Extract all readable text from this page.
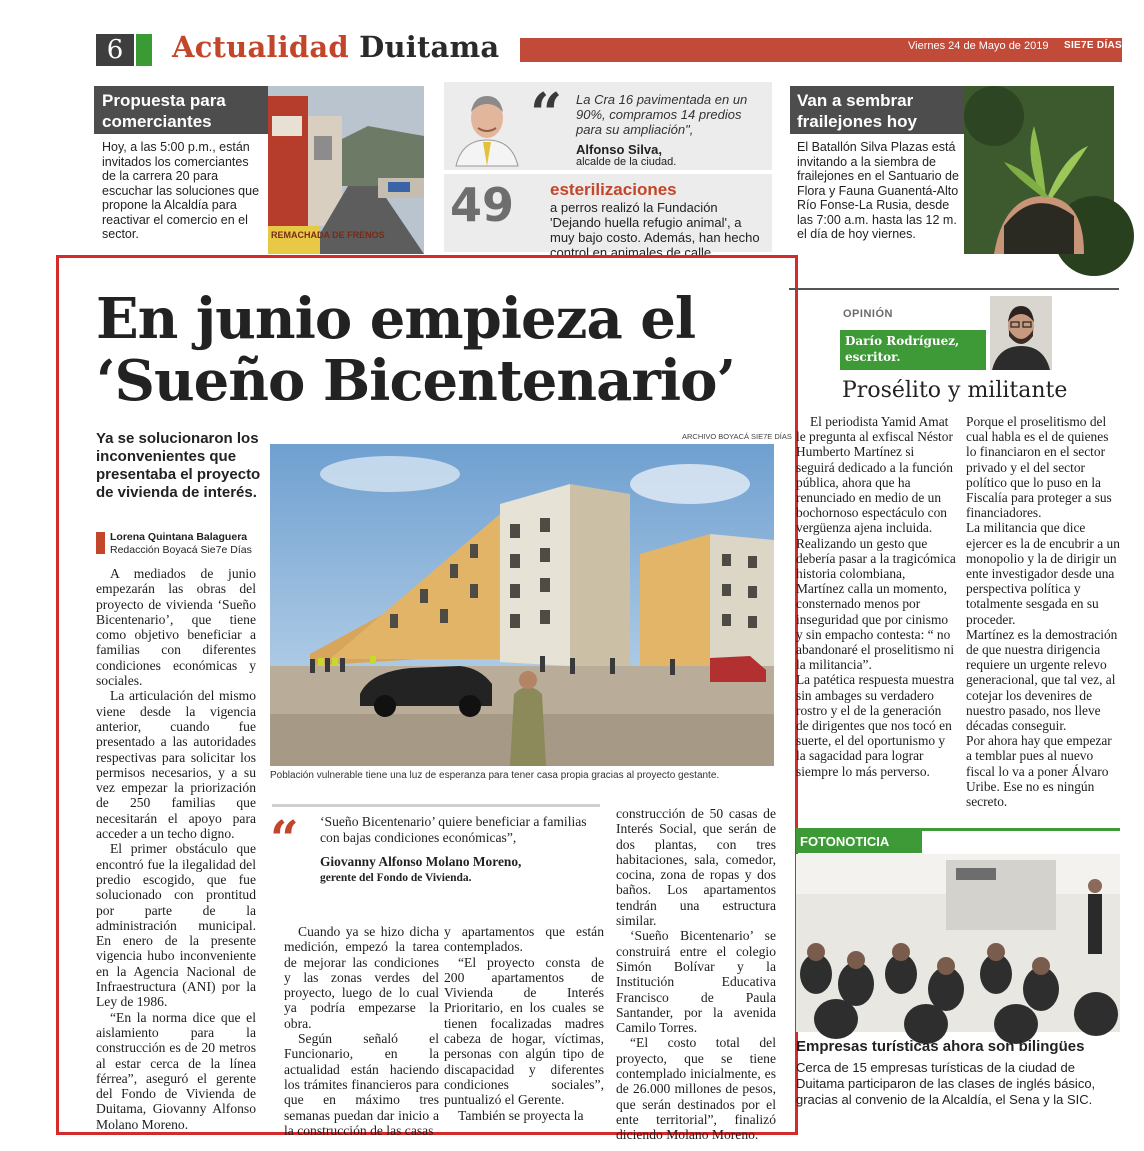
6	Actualidad Duitama	Viernes 24 de Mayo de 2019 SIE7E DÍAS
Propuesta para comerciantes
Hoy, a las 5:00 p.m., están invitados los comerciantes de la carrera 20 para escuchar las soluciones que propone la Alcaldía para reactivar el comercio en el sector.	REMACHADA DE FRENOS
“ La Cra 16 pavimentada en un 90%, compramos 14 predios para su ampliación",
Alfonso Silva,
alcalde de la ciudad.
49 esterilizaciones
a perros realizó la Fundación 'Dejando huella refugio animal', a muy bajo costo. Además, han hecho control en animales de calle.
Van a sembrar frailejones hoy
El Batallón Silva Plazas está invitando a la siembra de frailejones en el Santuario de Flora y Fauna Guanentá-Alto Río Fonse-La Rusia, desde las 7:00 a.m. hasta las 12 m. el día de hoy viernes.
En junio empieza el
‘Sueño Bicentenario’
Ya se solucionaron los inconvenientes que presentaba el proyecto de vivienda de interés.
Lorena Quintana Balaguera
Redacción Boyacá Sie7e Días
ARCHIVO BOYACÁ SIE7E DÍAS
Población vulnerable tiene una luz de esperanza para tener casa propia gracias al proyecto gestante.

A mediados de junio empezarán las obras del proyecto de vivienda ‘Sueño Bicentenario’, que tiene como objetivo beneficiar a familias con diferentes condiciones económicas y sociales.

La articulación del mismo viene desde la vigencia anterior, cuando fue presentado a las autoridades respectivas para solicitar los permisos necesarios, y a su vez empezar la priorización de 250 familias que necesitarán el apoyo para acceder a un techo digno.

El primer obstáculo que encontró fue la ilegalidad del predio escogido, que fue solucionado con prontitud por parte de la administración municipal. En enero de la presente vigencia hubo inconveniente en la Agencia Nacional de Infraestructura (ANI) por la Ley de 1986.

“En la norma dice que el aislamiento para la construcción es de 20 metros al estar cerca de la línea férrea”, aseguró el gerente del Fondo de Vivienda de Duitama, Giovanny Alfonso Molano Moreno.

“ ‘Sueño Bicentenario’ quiere beneficiar a familias con bajas condiciones económicas”,
Giovanny Alfonso Molano Moreno,
gerente del Fondo de Vivienda.

Cuando ya se hizo dicha medición, empezó la tarea de mejorar las condiciones y las zonas verdes del proyecto, luego de lo cual ya podría empezarse la obra.

Según señaló el Funcionario, en la actualidad están haciendo los trámites financieros para que en máximo tres semanas puedan dar inicio a la construcción de las casas

y apartamentos que están contemplados.

“El proyecto consta de 200 apartamentos de Vivienda de Interés Prioritario, en los cuales se tienen focalizadas madres cabeza de hogar, víctimas, personas con algún tipo de discapacidad y diferentes condiciones sociales”, puntualizó el Gerente.

También se proyecta la

construcción de 50 casas de Interés Social, que serán de dos plantas, con tres habitaciones, sala, comedor, cocina, zona de ropas y dos baños. Los apartamentos tendrán una estructura similar.

‘Sueño Bicentenario’ se construirá entre el colegio Simón Bolívar y la Institución Educativa Francisco de Paula Santander, por la avenida Camilo Torres.

“El costo total del proyecto, que se tiene contemplado inicialmente, es de 26.000 millones de pesos, que serán destinados por el ente territorial”, finalizó diciendo Molano Moreno.

OPINIÓN
Darío Rodríguez, escritor.
Prosélito y militante

El periodista Yamid Amat le pregunta al exfiscal Néstor Humberto Martínez si seguirá dedicado a la función pública, ahora que ha renunciado en medio de un bochornoso espectáculo con vergüenza ajena incluida.

Realizando un gesto que debería pasar a la tragicómica historia colombiana, Martínez calla un momento, consternado menos por inseguridad que por cinismo y sin empacho contesta: “ no abandonaré el proselitismo ni la militancia”.

La patética respuesta muestra sin ambages su verdadero rostro y el de la generación de dirigentes que nos tocó en suerte, el del oportunismo y la sagacidad para lograr siempre lo más perverso.

Porque el proselitismo del cual habla es el de quienes lo financiaron en el sector privado y el del sector político que lo puso en la Fiscalía para proteger a sus financiadores.

La militancia que dice ejercer es la de encubrir a un monopolio y la de dirigir un ente investigador desde una perspectiva política y totalmente sesgada en su proceder.

Martínez es la demostración de que nuestra dirigencia requiere un urgente relevo generacional, que tal vez, al cotejar los devenires de nuestro pasado, nos lleve décadas conseguir.

Por ahora hay que empezar a temblar pues al nuevo fiscal lo va a poner Álvaro Uribe. Ese no es ningún secreto.

FOTONOTICIA
Empresas turísticas ahora son bilingües
Cerca de 15 empresas turísticas de la ciudad de Duitama participaron de las clases de inglés básico, gracias al convenio de la Alcaldía, el Sena y la SIC.
